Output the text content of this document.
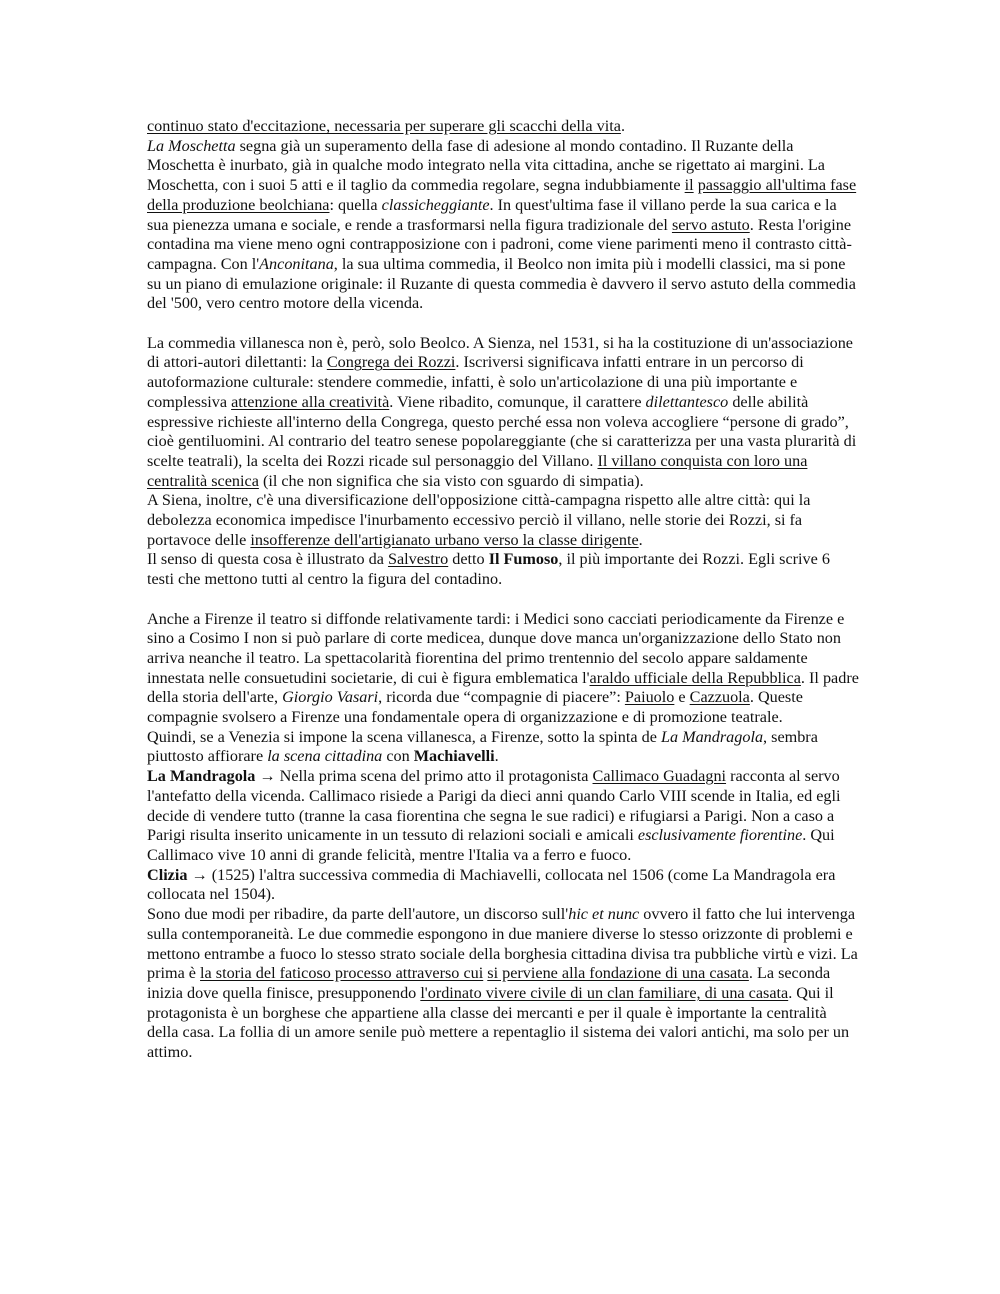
continuo stato d'eccitazione, necessaria per superare gli scacchi della vita.

La Moschetta segna già un superamento della fase di adesione al mondo contadino. Il Ruzante della Moschetta è inurbato, già in qualche modo integrato nella vita cittadina, anche se rigettato ai margini. La Moschetta, con i suoi 5 atti e il taglio da commedia regolare, segna indubbiamente il passaggio all'ultima fase della produzione beolchiana: quella classicheggiante. In quest'ultima fase il villano perde la sua carica e la sua pienezza umana e sociale, e rende a trasformarsi nella figura tradizionale del servo astuto. Resta l'origine contadina ma viene meno ogni contrapposizione con i padroni, come viene parimenti meno il contrasto città-campagna. Con l'Anconitana, la sua ultima commedia, il Beolco non imita più i modelli classici, ma si pone su un piano di emulazione originale: il Ruzante di questa commedia è davvero il servo astuto della commedia del '500, vero centro motore della vicenda.

La commedia villanesca non è, però, solo Beolco. A Sienza, nel 1531, si ha la costituzione di un'associazione di attori-autori dilettanti: la Congrega dei Rozzi. Iscriversi significava infatti entrare in un percorso di autoformazione culturale: stendere commedie, infatti, è solo un'articolazione di una più importante e complessiva attenzione alla creatività. Viene ribadito, comunque, il carattere dilettantesco delle abilità espressive richieste all'interno della Congrega, questo perché essa non voleva accogliere “persone di grado”, cioè gentiluomini. Al contrario del teatro senese popolareggiante (che si caratterizza per una vasta plurarità di scelte teatrali), la scelta dei Rozzi ricade sul personaggio del Villano. Il villano conquista con loro una centralità scenica (il che non significa che sia visto con sguardo di simpatia).

A Siena, inoltre, c'è una diversificazione dell'opposizione città-campagna rispetto alle altre città: qui la debolezza economica impedisce l'inurbamento eccessivo perciò il villano, nelle storie dei Rozzi, si fa portavoce delle insofferenze dell'artigianato urbano verso la classe dirigente.

Il senso di questa cosa è illustrato da Salvestro detto Il Fumoso, il più importante dei Rozzi. Egli scrive 6 testi che mettono tutti al centro la figura del contadino.

Anche a Firenze il teatro si diffonde relativamente tardi: i Medici sono cacciati periodicamente da Firenze e sino a Cosimo I non si può parlare di corte medicea, dunque dove manca un'organizzazione dello Stato non arriva neanche il teatro. La spettacolarità fiorentina del primo trentennio del secolo appare saldamente innestata nelle consuetudini societarie, di cui è figura emblematica l'araldo ufficiale della Repubblica. Il padre della storia dell'arte, Giorgio Vasari, ricorda due “compagnie di piacere”: Paiuolo e Cazzuola. Queste compagnie svolsero a Firenze una fondamentale opera di organizzazione e di promozione teatrale.

Quindi, se a Venezia si impone la scena villanesca, a Firenze, sotto la spinta de La Mandragola, sembra piuttosto affiorare la scena cittadina con Machiavelli.

La Mandragola → Nella prima scena del primo atto il protagonista Callimaco Guadagni racconta al servo l'antefatto della vicenda. Callimaco risiede a Parigi da dieci anni quando Carlo VIII scende in Italia, ed egli decide di vendere tutto (tranne la casa fiorentina che segna le sue radici) e rifugiarsi a Parigi. Non a caso a Parigi risulta inserito unicamente in un tessuto di relazioni sociali e amicali esclusivamente fiorentine. Qui Callimaco vive 10 anni di grande felicità, mentre l'Italia va a ferro e fuoco.

Clizia → (1525) l'altra successiva commedia di Machiavelli, collocata nel 1506 (come La Mandragola era collocata nel 1504).

Sono due modi per ribadire, da parte dell'autore, un discorso sull'hic et nunc ovvero il fatto che lui intervenga sulla contemporaneità. Le due commedie espongono in due maniere diverse lo stesso orizzonte di problemi e mettono entrambe a fuoco lo stesso strato sociale della borghesia cittadina divisa tra pubbliche virtù e vizi. La prima è la storia del faticoso processo attraverso cui si perviene alla fondazione di una casata. La seconda inizia dove quella finisce, presupponendo l'ordinato vivere civile di un clan familiare, di una casata. Qui il protagonista è un borghese che appartiene alla classe dei mercanti e per il quale è importante la centralità della casa. La follia di un amore senile può mettere a repentaglio il sistema dei valori antichi, ma solo per un attimo.
